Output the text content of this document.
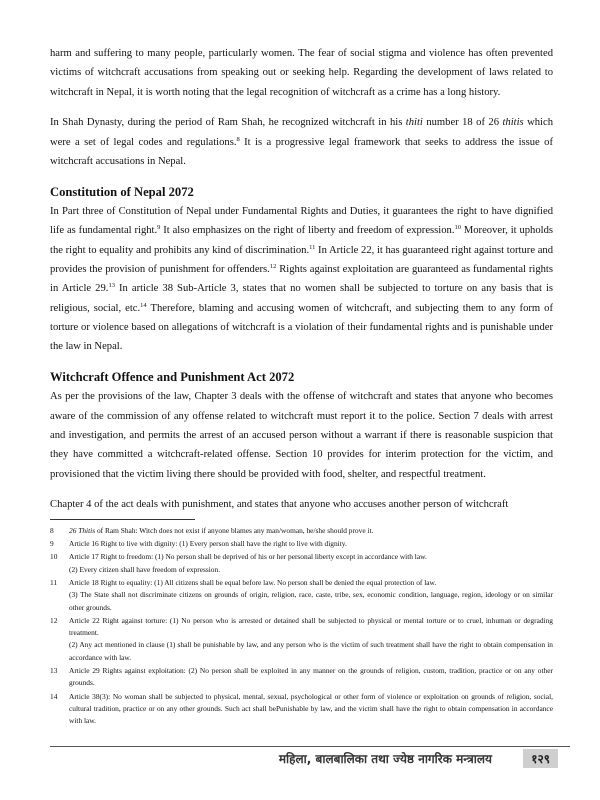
harm and suffering to many people, particularly women. The fear of social stigma and violence has often prevented victims of witchcraft accusations from speaking out or seeking help. Regarding the development of laws related to witchcraft in Nepal, it is worth noting that the legal recognition of witchcraft as a crime has a long history.

In Shah Dynasty, during the period of Ram Shah, he recognized witchcraft in his thiti number 18 of 26 thitis which were a set of legal codes and regulations.$^8$ It is a progressive legal framework that seeks to address the issue of witchcraft accusations in Nepal.

Constitution of Nepal 2072

In Part three of Constitution of Nepal under Fundamental Rights and Duties, it guarantees the right to have dignified life as fundamental right.$^9$ It also emphasizes on the right of liberty and freedom of expression.$^{10}$ Moreover, it upholds the right to equality and prohibits any kind of discrimination.$^{11}$ In Article 22, it has guaranteed right against torture and provides the provision of punishment for offenders.$^{12}$ Rights against exploitation are guaranteed as fundamental rights in Article 29.13 In article 38 Sub-Article 3, states that no women shall be subjected to torture on any basis that is religious, social, etc.$^{14}$ Therefore, blaming and accusing women of witchcraft, and subjecting them to any form of torture or violence based on allegations of witchcraft is a violation of their fundamental rights and is punishable under the law in Nepal.

Witchcraft Offence and Punishment Act 2072

As per the provisions of the law, Chapter 3 deals with the offense of witchcraft and states that anyone who becomes aware of the commission of any offense related to witchcraft must report it to the police. Section 7 deals with arrest and investigation, and permits the arrest of an accused person without a warrant if there is reasonable suspicion that they have committed a witchcraft-related offense. Section 10 provides for interim protection for the victim, and provisioned that the victim living there should be provided with food, shelter, and respectful treatment.

Chapter 4 of the act deals with punishment, and states that anyone who accuses another person of witchcraft

8	26 Thitis of Ram Shah: Witch does not exist if anyone blames any man/woman, he/she should prove it.
9	Article 16 Right to live with dignity: (1) Every person shall have the right to live with dignity.
10	Article 17 Right to freedom: (1) No person shall be deprived of his or her personal liberty except in accordance with law.
(2) Every citizen shall have freedom of expression.
11	Article 18 Right to equality: (1) All citizens shall be equal before law. No person shall be denied the equal protection of law.
(3) The State shall not discriminate citizens on grounds of origin, religion, race, caste, tribe, sex, economic condition, language, region, ideology or on similar other grounds.
12	Article 22 Right against torture: (1) No person who is arrested or detained shall be subjected to physical or mental torture or to cruel, inhuman or degrading treatment.
(2) Any act mentioned in clause (1) shall be punishable by law, and any person who is the victim of such treatment shall have the right to obtain compensation in accordance with law.
13	Article 29 Rights against exploitation: (2) No person shall be exploited in any manner on the grounds of religion, custom, tradition, practice or on any other grounds.
14	Article 38(3): No woman shall be subjected to physical, mental, sexual, psychological or other form of violence or exploitation on grounds of religion, social, cultural tradition, practice or on any other grounds. Such act shall bePunishable by law, and the victim shall have the right to obtain compensation in accordance with law.
महिला, बालबालिका तथा ज्येष्ठ नागरिक मन्त्रालय	१२९
